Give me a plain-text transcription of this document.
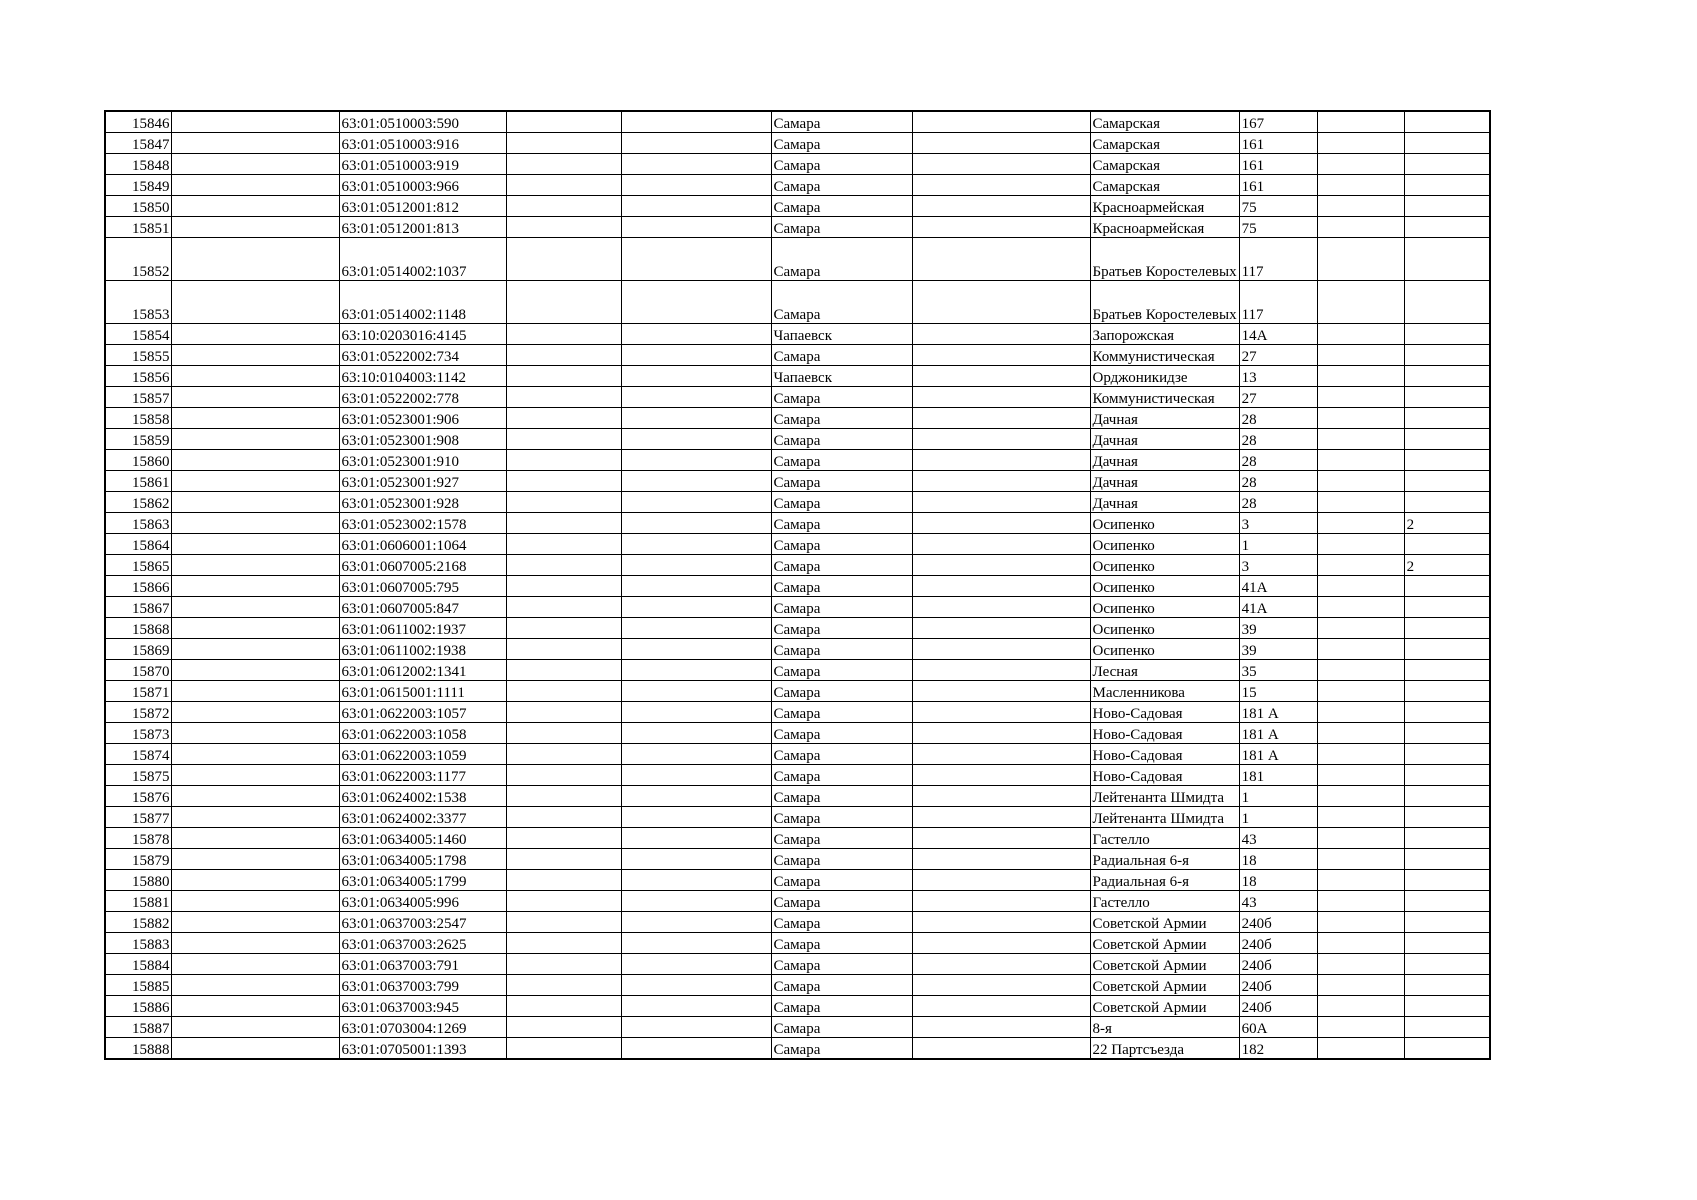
15846		63:01:0510003:590			Самара		Самарская	167		
15847		63:01:0510003:916			Самара		Самарская	161		
15848		63:01:0510003:919			Самара		Самарская	161		
15849		63:01:0510003:966			Самара		Самарская	161		
15850		63:01:0512001:812			Самара		Красноармейская	75		
15851		63:01:0512001:813			Самара		Красноармейская	75		
15852		63:01:0514002:1037			Самара		Братьев Коростелевых	117		
15853		63:01:0514002:1148			Самара		Братьев Коростелевых	117		
15854		63:10:0203016:4145			Чапаевск		Запорожская	14А		
15855		63:01:0522002:734			Самара		Коммунистическая	27		
15856		63:10:0104003:1142			Чапаевск		Орджоникидзе	13		
15857		63:01:0522002:778			Самара		Коммунистическая	27		
15858		63:01:0523001:906			Самара		Дачная	28		
15859		63:01:0523001:908			Самара		Дачная	28		
15860		63:01:0523001:910			Самара		Дачная	28		
15861		63:01:0523001:927			Самара		Дачная	28		
15862		63:01:0523001:928			Самара		Дачная	28		
15863		63:01:0523002:1578			Самара		Осипенко	3		2
15864		63:01:0606001:1064			Самара		Осипенко	1		
15865		63:01:0607005:2168			Самара		Осипенко	3		2
15866		63:01:0607005:795			Самара		Осипенко	41А		
15867		63:01:0607005:847			Самара		Осипенко	41А		
15868		63:01:0611002:1937			Самара		Осипенко	39		
15869		63:01:0611002:1938			Самара		Осипенко	39		
15870		63:01:0612002:1341			Самара		Лесная	35		
15871		63:01:0615001:1111			Самара		Масленникова	15		
15872		63:01:0622003:1057			Самара		Ново-Садовая	181 А		
15873		63:01:0622003:1058			Самара		Ново-Садовая	181 А		
15874		63:01:0622003:1059			Самара		Ново-Садовая	181 А		
15875		63:01:0622003:1177			Самара		Ново-Садовая	181		
15876		63:01:0624002:1538			Самара		Лейтенанта Шмидта	1		
15877		63:01:0624002:3377			Самара		Лейтенанта Шмидта	1		
15878		63:01:0634005:1460			Самара		Гастелло	43		
15879		63:01:0634005:1798			Самара		Радиальная 6-я	18		
15880		63:01:0634005:1799			Самара		Радиальная 6-я	18		
15881		63:01:0634005:996			Самара		Гастелло	43		
15882		63:01:0637003:2547			Самара		Советской Армии	240б		
15883		63:01:0637003:2625			Самара		Советской Армии	240б		
15884		63:01:0637003:791			Самара		Советской Армии	240б		
15885		63:01:0637003:799			Самара		Советской Армии	240б		
15886		63:01:0637003:945			Самара		Советской Армии	240б		
15887		63:01:0703004:1269			Самара		8-я	60А		
15888		63:01:0705001:1393			Самара		22 Партсъезда	182		
